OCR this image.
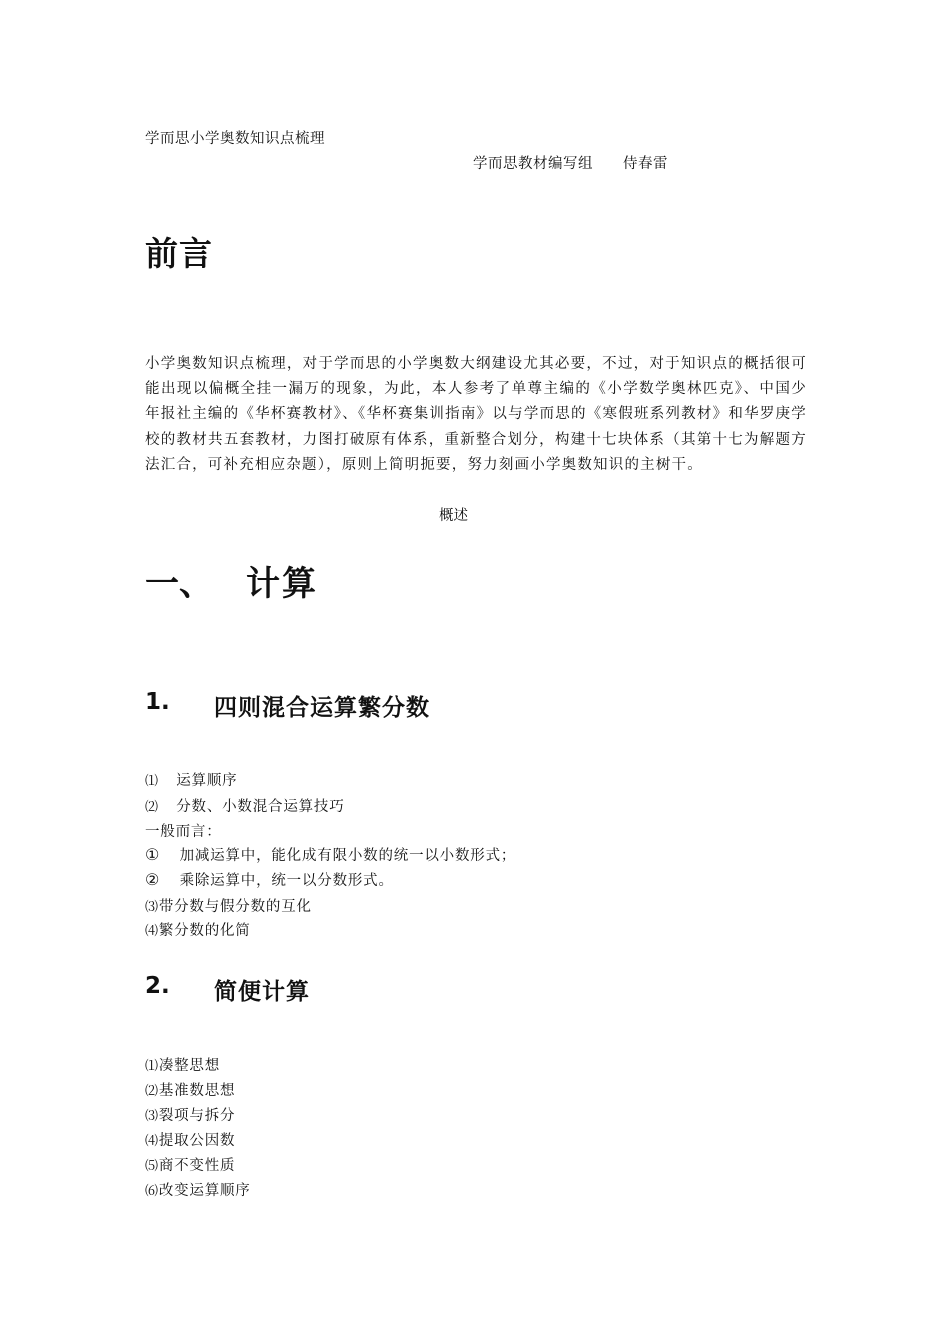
学而思小学奥数知识点梳理
学而思教材编写组　　侍春雷
前言
小学奥数知识点梳理，对于学而思的小学奥数大纲建设尤其必要，不过，对于知识点的概括很可能出现以偏概全挂一漏万的现象，为此，本人参考了单尊主编的《小学数学奥林匹克》、中国少年报社主编的《华杯赛教材》、《华杯赛集训指南》以与学而思的《寒假班系列教材》和华罗庚学校的教材共五套教材，力图打破原有体系，重新整合划分，构建十七块体系（其第十七为解题方法汇合，可补充相应杂题），原则上简明扼要，努力刻画小学奥数知识的主树干。
概述
一、 计算
1. 四则混合运算繁分数
⑴ 运算顺序
⑵ 分数、小数混合运算技巧
一般而言：
① 加减运算中，能化成有限小数的统一以小数形式；
② 乘除运算中，统一以分数形式。
⑶带分数与假分数的互化
⑷繁分数的化简
2. 简便计算
⑴凑整思想
⑵基准数思想
⑶裂项与拆分
⑷提取公因数
⑸商不变性质
⑹改变运算顺序
